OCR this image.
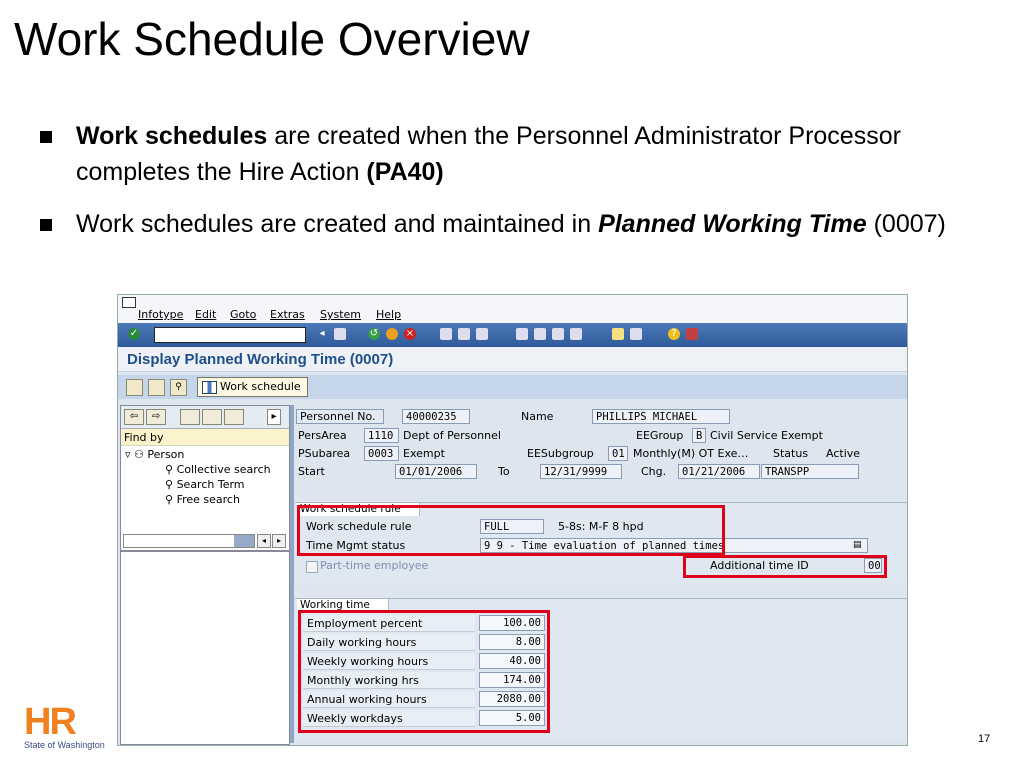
Work Schedule Overview
Work schedules are created when the Personnel Administrator Processor completes the Hire Action (PA40)
Work schedules are created and maintained in Planned Working Time (0007)
Infotype Edit Goto Extras System Help
✓	◂	↺	×	?
Display Planned Working Time (0007)
⚲	Work schedule
⇦	⇨	▸
Find by
▿ ⚇ Person
⚲ Collective search
⚲ Search Term
⚲ Free search
◂	▸
Personnel No.	40000235	Name	PHILLIPS MICHAEL
PersArea	1110 Dept of Personnel	EEGroup	B Civil Service Exempt
PSubarea	0003 Exempt	EESubgroup	01 Monthly(M) OT Exe… Status Active
Start	01/01/2006	To	12/31/9999	Chg.	01/21/2006	TRANSPP
Work schedule rule
Work schedule rule	FULL	5-8s: M-F 8 hpd
Time Mgmt status	9 9 - Time evaluation of planned times	▤
Part-time employee	Additional time ID	00
Working time
Employment percent	100.00
Daily working hours	8.00
Weekly working hours	40.00
Monthly working hrs	174.00
Annual working hours	2080.00
Weekly workdays	5.00
HR
State of Washington	17
